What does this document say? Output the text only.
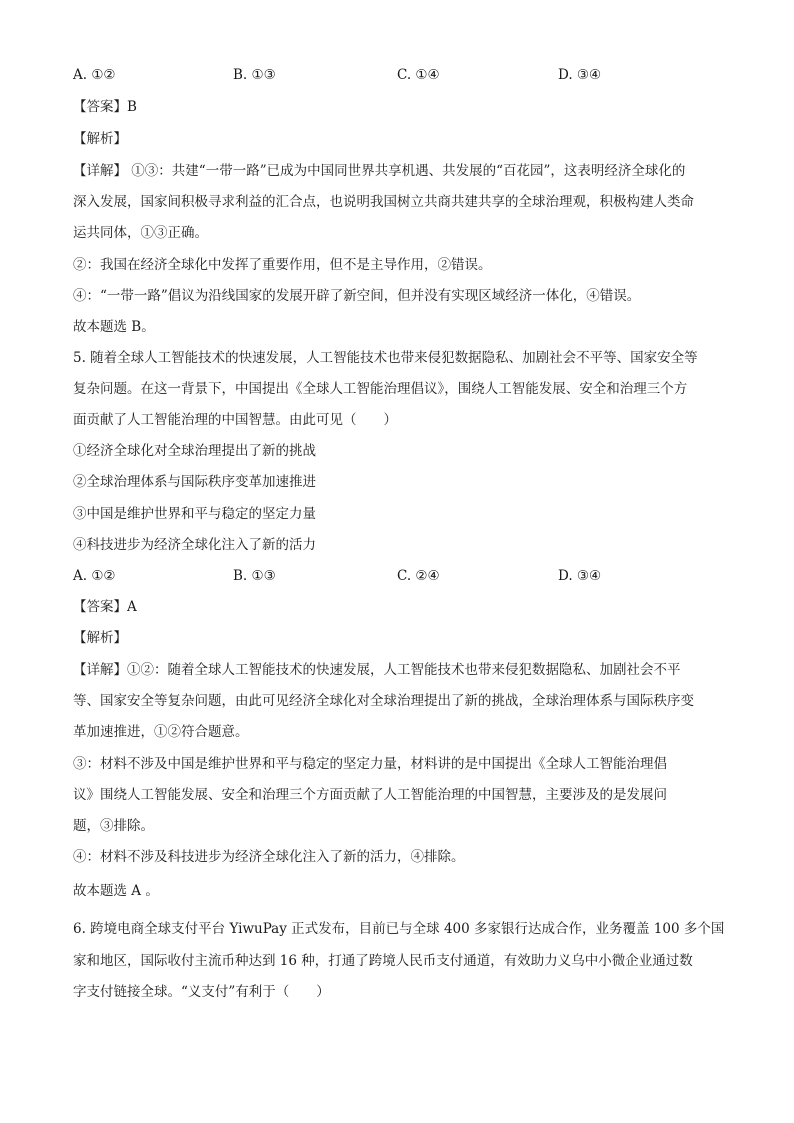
A. ①②	B. ①③	C. ①④	D. ③④
【答案】B
【解析】
【详解】 ①③：共建“一带一路”已成为中国同世界共享机遇、共发展的“百花园”，这表明经济全球化的
深入发展，国家间积极寻求利益的汇合点，也说明我国树立共商共建共享的全球治理观，积极构建人类命
运共同体，①③正确。
②：我国在经济全球化中发挥了重要作用，但不是主导作用，②错误。
④：“一带一路”倡议为沿线国家的发展开辟了新空间，但并没有实现区域经济一体化，④错误。
故本题选 B。
5. 随着全球人工智能技术的快速发展，人工智能技术也带来侵犯数据隐私、加剧社会不平等、国家安全等
复杂问题。在这一背景下，中国提出《全球人工智能治理倡议》，围绕人工智能发展、安全和治理三个方
面贡献了人工智能治理的中国智慧。由此可见（　　）
①经济全球化对全球治理提出了新的挑战
②全球治理体系与国际秩序变革加速推进
③中国是维护世界和平与稳定的坚定力量
④科技进步为经济全球化注入了新的活力
A. ①②	B. ①③	C. ②④	D. ③④
【答案】A
【解析】
【详解】①②：随着全球人工智能技术的快速发展，人工智能技术也带来侵犯数据隐私、加剧社会不平
等、国家安全等复杂问题，由此可见经济全球化对全球治理提出了新的挑战，全球治理体系与国际秩序变
革加速推进，①②符合题意。
③：材料不涉及中国是维护世界和平与稳定的坚定力量，材料讲的是中国提出《全球人工智能治理倡
议》围绕人工智能发展、安全和治理三个方面贡献了人工智能治理的中国智慧，主要涉及的是发展问
题，③排除。
④：材料不涉及科技进步为经济全球化注入了新的活力，④排除。
故本题选 A 。
6. 跨境电商全球支付平台 YiwuPay 正式发布，目前已与全球 400 多家银行达成合作，业务覆盖 100 多个国
家和地区，国际收付主流币种达到 16 种，打通了跨境人民币支付通道，有效助力义乌中小微企业通过数
字支付链接全球。“义支付”有利于（　　）
